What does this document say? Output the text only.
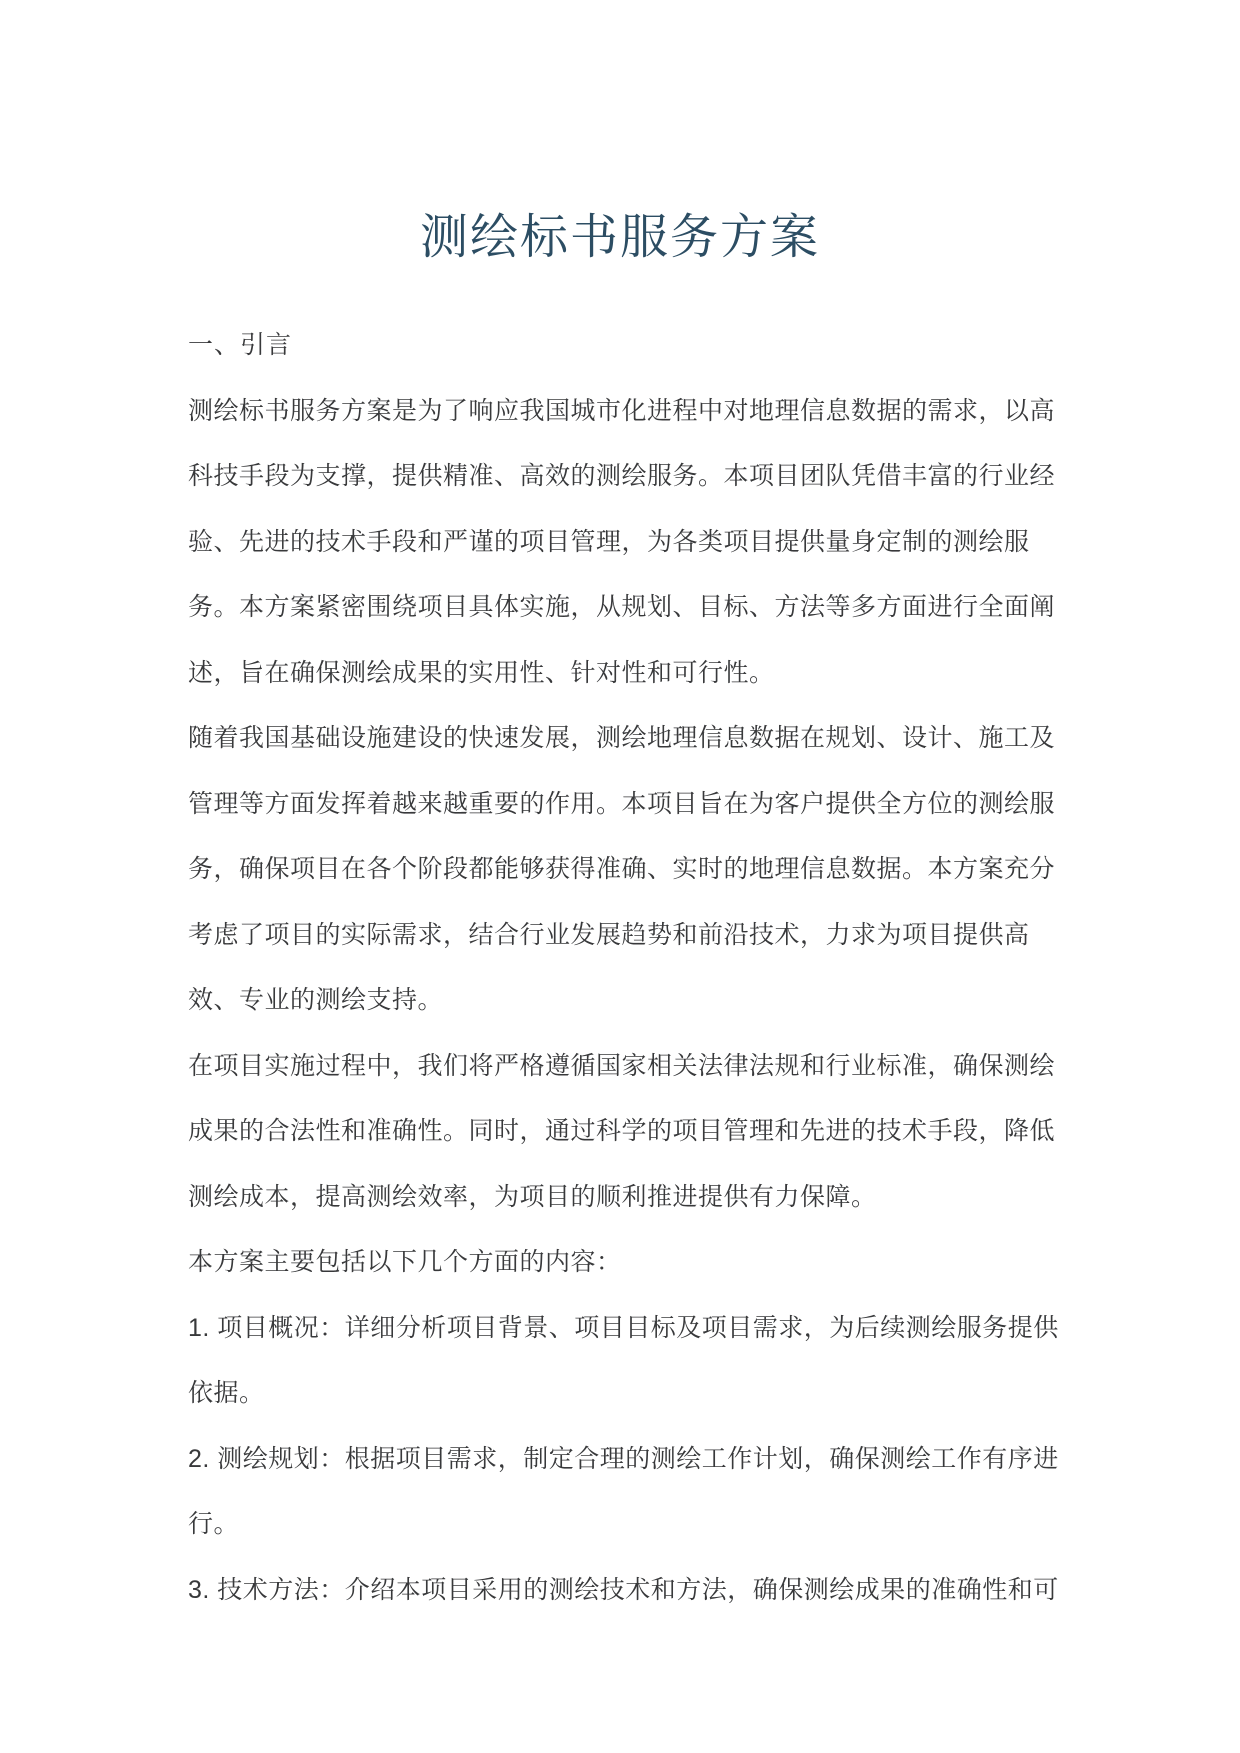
测绘标书服务方案
一、引言
测绘标书服务方案是为了响应我国城市化进程中对地理信息数据的需求，以高
科技手段为支撑，提供精准、高效的测绘服务。本项目团队凭借丰富的行业经
验、先进的技术手段和严谨的项目管理，为各类项目提供量身定制的测绘服
务。本方案紧密围绕项目具体实施，从规划、目标、方法等多方面进行全面阐
述，旨在确保测绘成果的实用性、针对性和可行性。
随着我国基础设施建设的快速发展，测绘地理信息数据在规划、设计、施工及
管理等方面发挥着越来越重要的作用。本项目旨在为客户提供全方位的测绘服
务，确保项目在各个阶段都能够获得准确、实时的地理信息数据。本方案充分
考虑了项目的实际需求，结合行业发展趋势和前沿技术，力求为项目提供高
效、专业的测绘支持。
在项目实施过程中，我们将严格遵循国家相关法律法规和行业标准，确保测绘
成果的合法性和准确性。同时，通过科学的项目管理和先进的技术手段，降低
测绘成本，提高测绘效率，为项目的顺利推进提供有力保障。
本方案主要包括以下几个方面的内容：
1. 项目概况：详细分析项目背景、项目目标及项目需求，为后续测绘服务提供
依据。
2. 测绘规划：根据项目需求，制定合理的测绘工作计划，确保测绘工作有序进
行。
3. 技术方法：介绍本项目采用的测绘技术和方法，确保测绘成果的准确性和可
